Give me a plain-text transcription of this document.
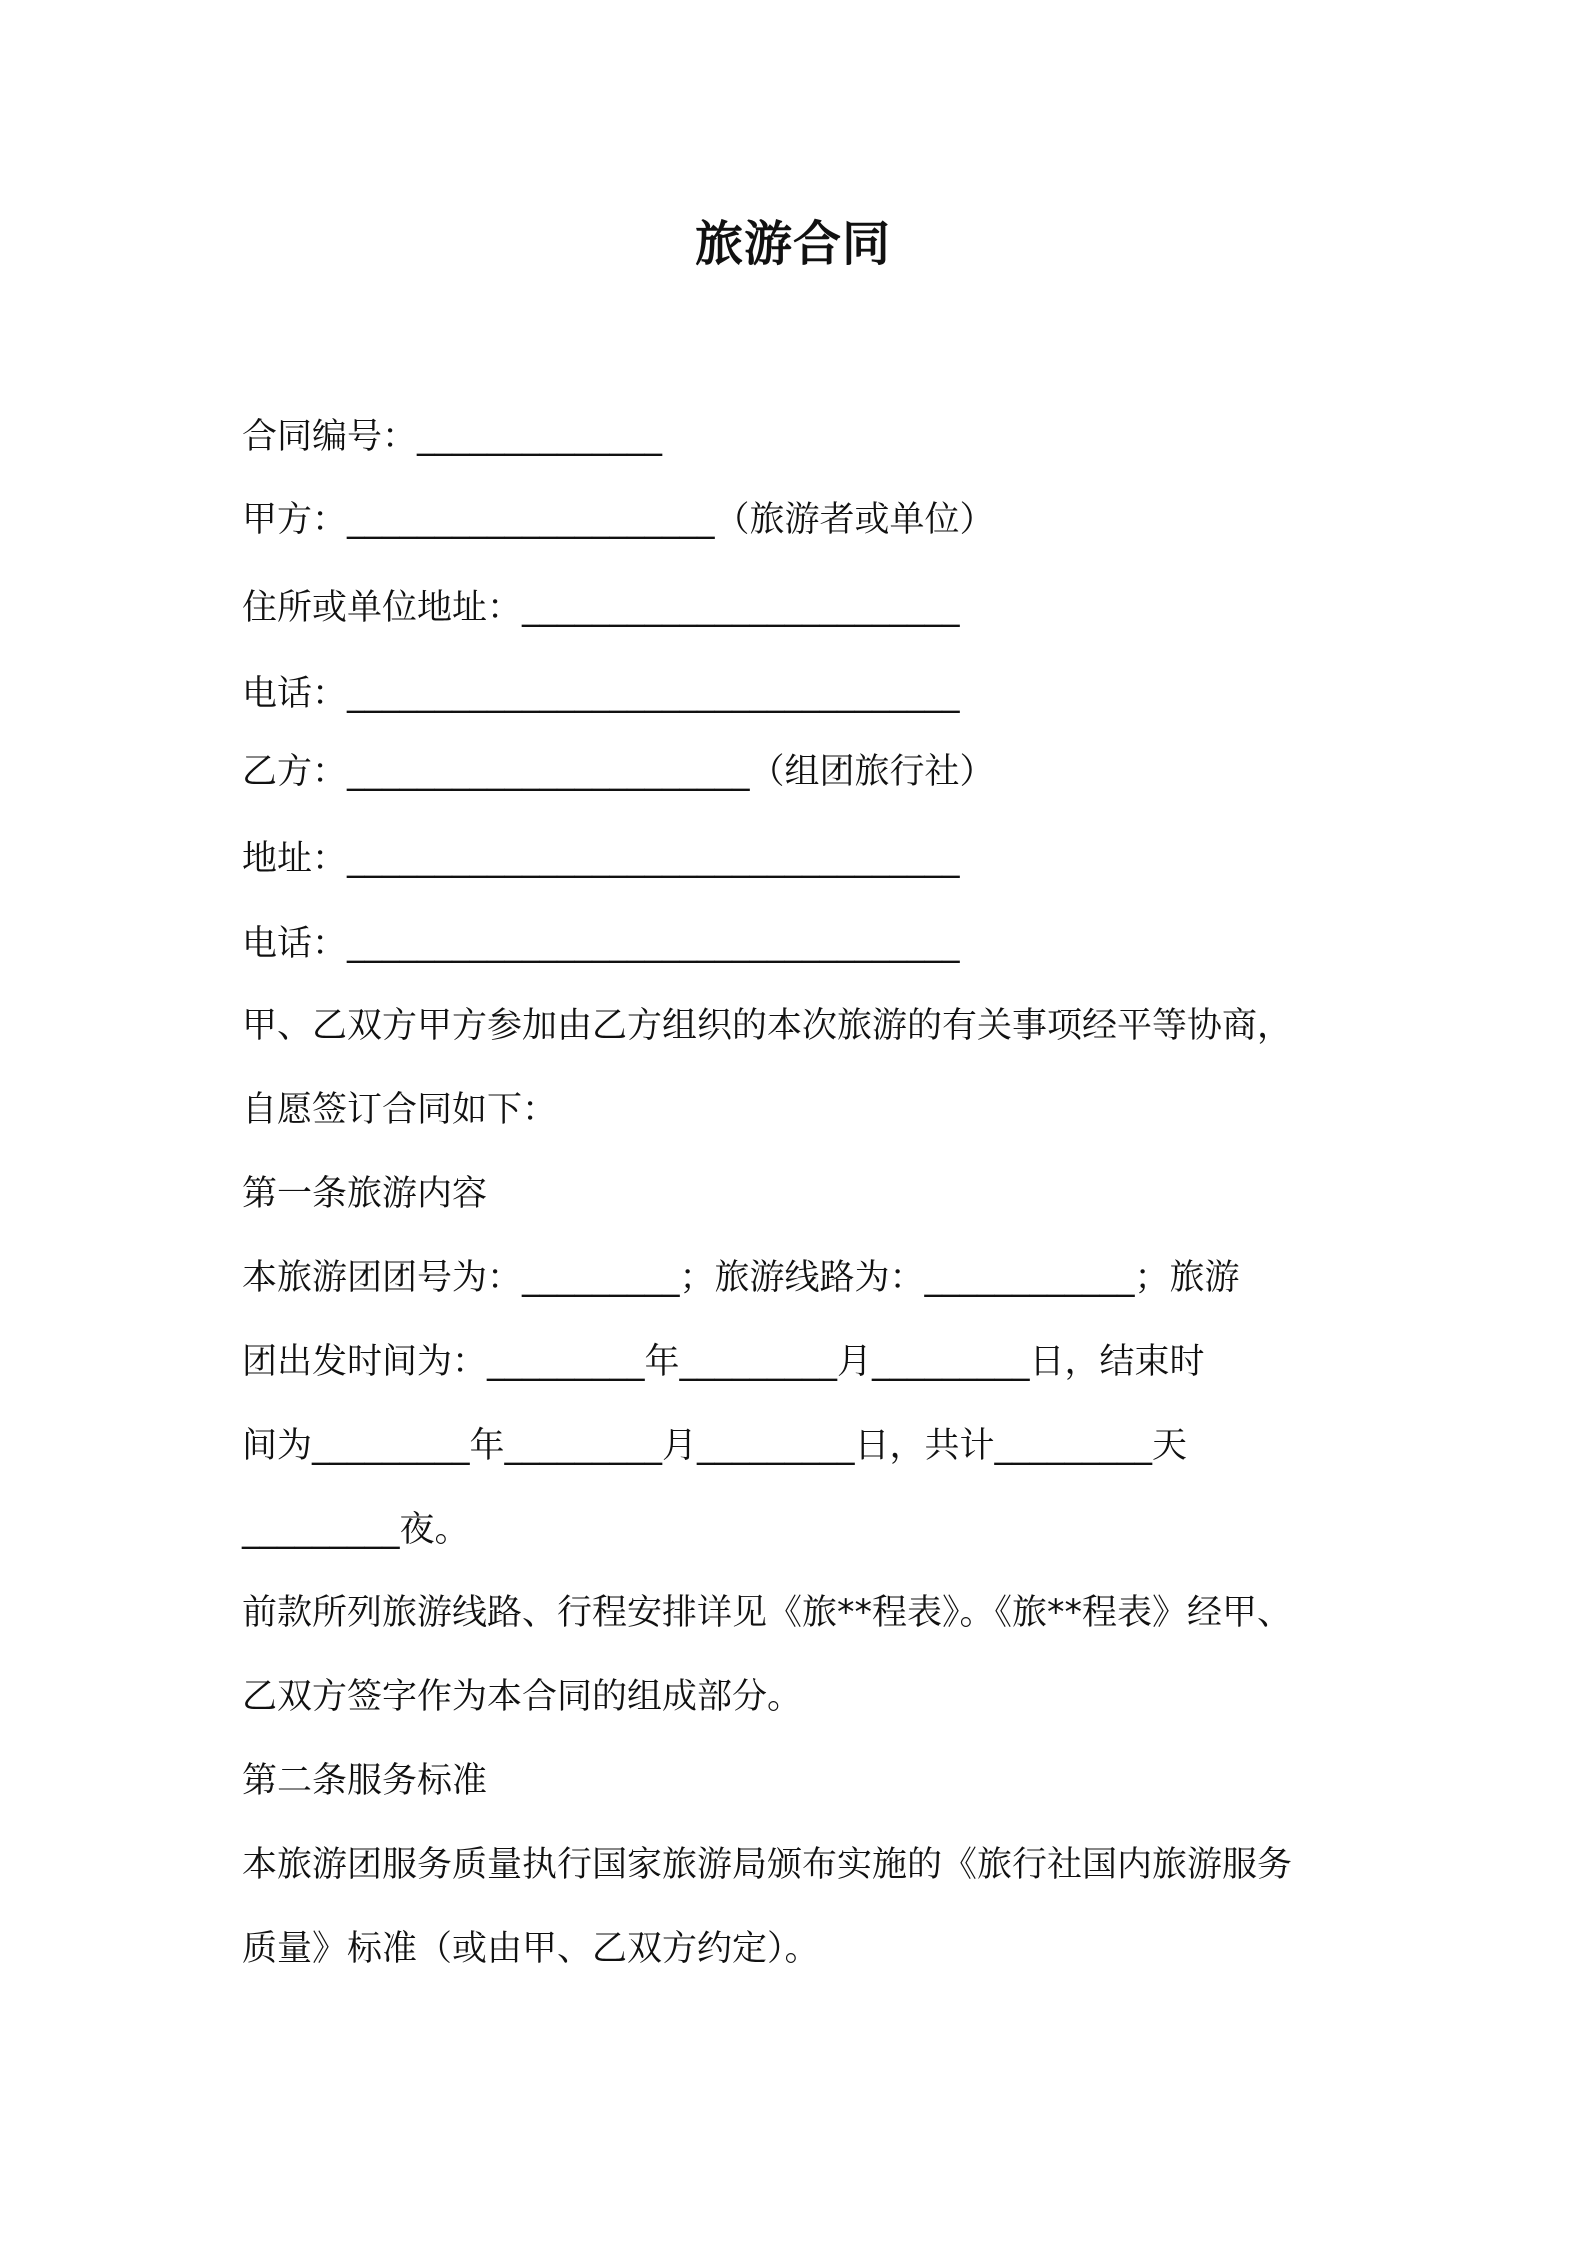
旅游合同
合同编号：______________
甲方：_____________________（旅游者或单位）
住所或单位地址：_________________________
电话：___________________________________
乙方：_______________________（组团旅行社）
地址：___________________________________
电话：___________________________________
甲、乙双方甲方参加由乙方组织的本次旅游的有关事项经平等协商，
自愿签订合同如下：
第一条旅游内容
本旅游团团号为：_________；旅游线路为：____________；旅游
团出发时间为：_________年_________月_________日，结束时
间为_________年_________月_________日，共计_________天
_________夜。
前款所列旅游线路、行程安排详见《旅**程表》。《旅**程表》经甲、
乙双方签字作为本合同的组成部分。
第二条服务标准
本旅游团服务质量执行国家旅游局颁布实施的《旅行社国内旅游服务
质量》标准（或由甲、乙双方约定）。
